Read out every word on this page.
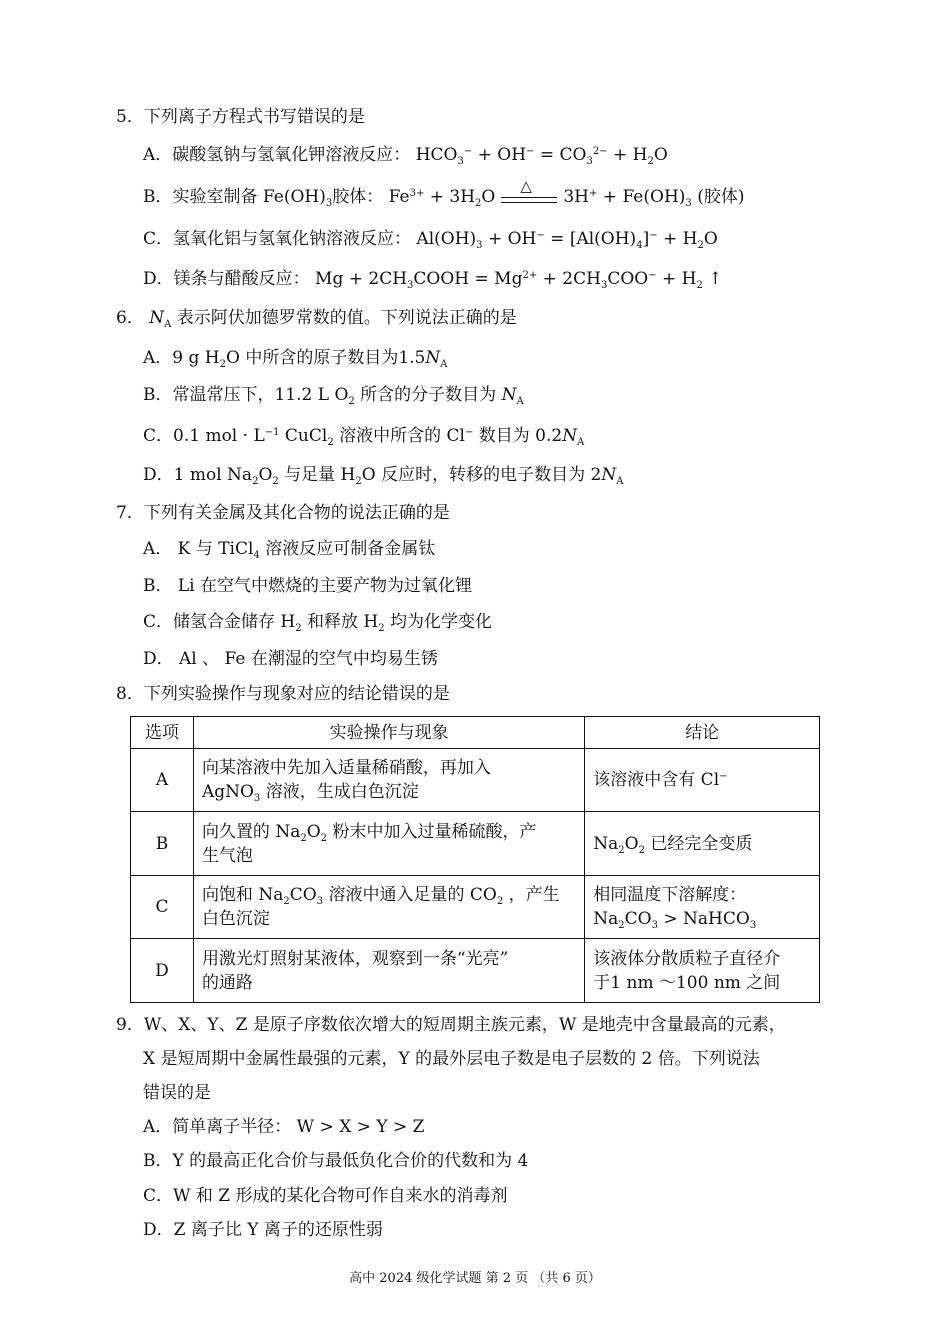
5．下列离子方程式书写错误的是
A．碳酸氢钠与氢氧化钾溶液反应： $HCO_3^- + OH^- = CO_3^{2-} + H_2O$
B．实验室制备 $Fe(OH)_3$胶体： $Fe^{3+} + 3H_2O$
△
$3H^+ + Fe(OH)_3$ (胶体)
C．氢氧化铝与氢氧化钠溶液反应： $Al(OH)_3 + OH^- = [Al(OH)_4]^- + H_2O$
D．镁条与醋酸反应： $Mg + 2CH_3COOH = Mg^{2+} + 2CH_3COO^- + H_2$ ↑
6． $N_A$ 表示阿伏加德罗常数的值。下列说法正确的是
A．9 g $H_2O$ 中所含的原子数目为$1.5N_A$
B．常温常压下，11.2 L $O_2$ 所含的分子数目为 $N_A$
C．0.1 mol · $L^{-1}$ CuCl$_2$ 溶液中所含的 Cl− 数目为 $0.2N_A$
D．1 mol $Na_2O_2$ 与足量 $H_2O$ 反应时，转移的电子数目为 $2N_A$
7．下列有关金属及其化合物的说法正确的是
A． K 与 TiCl$_4$ 溶液反应可制备金属钛
B． Li 在空气中燃烧的主要产物为过氧化锂
C．储氢合金储存 $H_2$ 和释放 $H_2$ 均为化学变化
D． Al 、 Fe 在潮湿的空气中均易生锈
8．下列实验操作与现象对应的结论错误的是
选项	实验操作与现象	结论
A	向某溶液中先加入适量稀硝酸，再加入
AgNO$_3$ 溶液，生成白色沉淀	该溶液中含有 Cl−
B	向久置的 $Na_2O_2$ 粉末中加入过量稀硫酸，产
生气泡	$Na_2O_2$ 已经完全变质
C	向饱和 $Na_2CO_3$ 溶液中通入足量的 $CO_2$ ，产生
白色沉淀	相同温度下溶解度：
$Na_2CO_3$ > NaHCO$_3$
D	用激光灯照射某液体，观察到一条“光亮”
的通路	该液体分散质粒子直径介
于1 nm ～100 nm 之间
9．W、X、Y、Z 是原子序数依次增大的短周期主族元素，W 是地壳中含量最高的元素，
X 是短周期中金属性最强的元素，Y 的最外层电子数是电子层数的 2 倍。下列说法
错误的是
A．简单离子半径： W > X > Y > Z
B．Y 的最高正化合价与最低负化合价的代数和为 4
C．W 和 Z 形成的某化合物可作自来水的消毒剂
D．Z 离子比 Y 离子的还原性弱
高中 2024 级化学试题 第 2 页 （共 6 页）
